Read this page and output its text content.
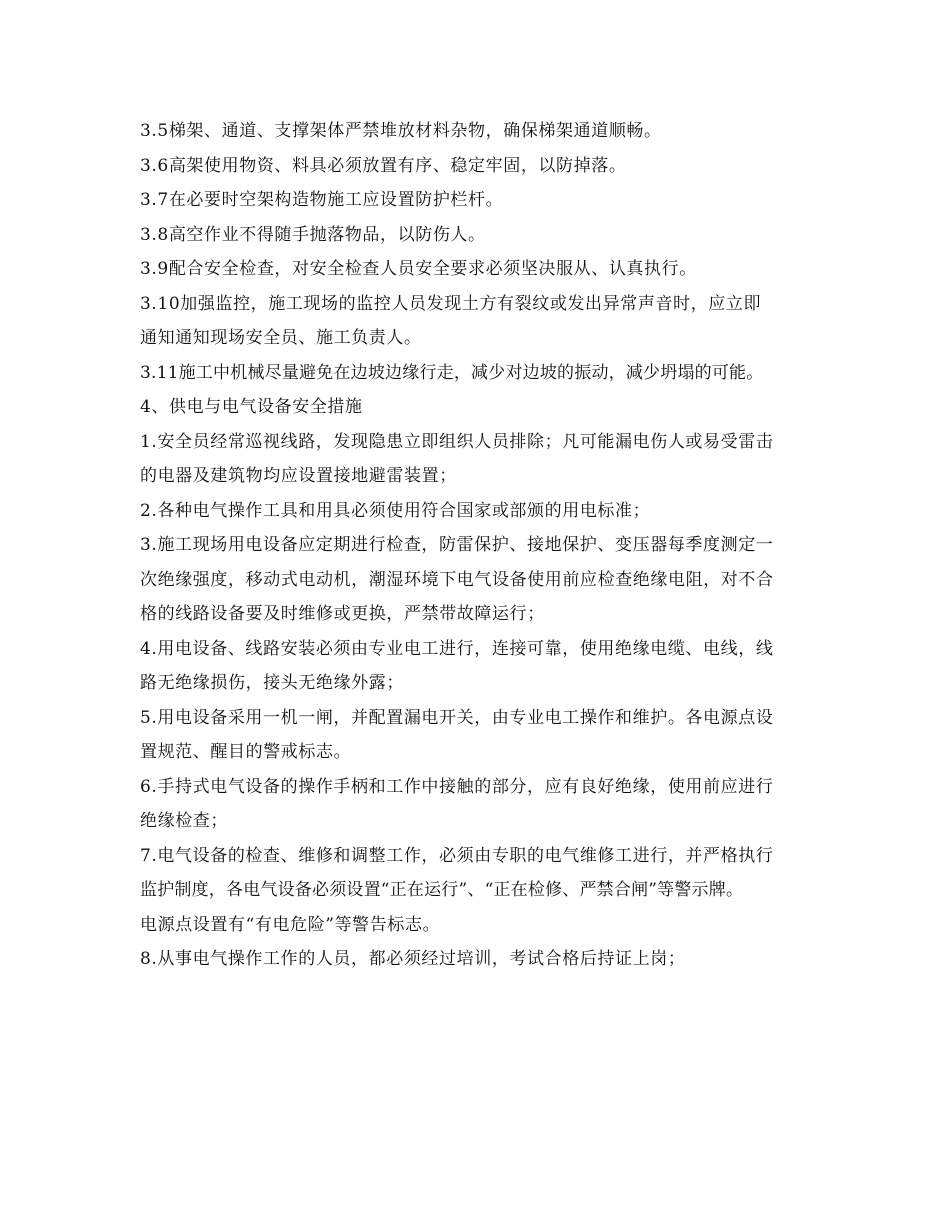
3.5梯架、通道、支撑架体严禁堆放材料杂物，确保梯架通道顺畅。
3.6高架使用物资、料具必须放置有序、稳定牢固，以防掉落。
3.7在必要时空架构造物施工应设置防护栏杆。
3.8高空作业不得随手抛落物品，以防伤人。
3.9配合安全检查，对安全检查人员安全要求必须坚决服从、认真执行。
3.10加强监控，施工现场的监控人员发现土方有裂纹或发出异常声音时，应立即
通知通知现场安全员、施工负责人。
3.11施工中机械尽量避免在边坡边缘行走，减少对边坡的振动，减少坍塌的可能。
4、供电与电气设备安全措施
1.安全员经常巡视线路，发现隐患立即组织人员排除；凡可能漏电伤人或易受雷击
的电器及建筑物均应设置接地避雷装置；
2.各种电气操作工具和用具必须使用符合国家或部颁的用电标准；
3.施工现场用电设备应定期进行检查，防雷保护、接地保护、变压器每季度测定一
次绝缘强度，移动式电动机，潮湿环境下电气设备使用前应检查绝缘电阻，对不合
格的线路设备要及时维修或更换，严禁带故障运行；
4.用电设备、线路安装必须由专业电工进行，连接可靠，使用绝缘电缆、电线，线
路无绝缘损伤，接头无绝缘外露；
5.用电设备采用一机一闸，并配置漏电开关，由专业电工操作和维护。各电源点设
置规范、醒目的警戒标志。
6.手持式电气设备的操作手柄和工作中接触的部分，应有良好绝缘，使用前应进行
绝缘检查；
7.电气设备的检查、维修和调整工作，必须由专职的电气维修工进行，并严格执行
监护制度，各电气设备必须设置“正在运行”、“正在检修、严禁合闸”等警示牌。
电源点设置有“有电危险”等警告标志。
8.从事电气操作工作的人员，都必须经过培训，考试合格后持证上岗；
